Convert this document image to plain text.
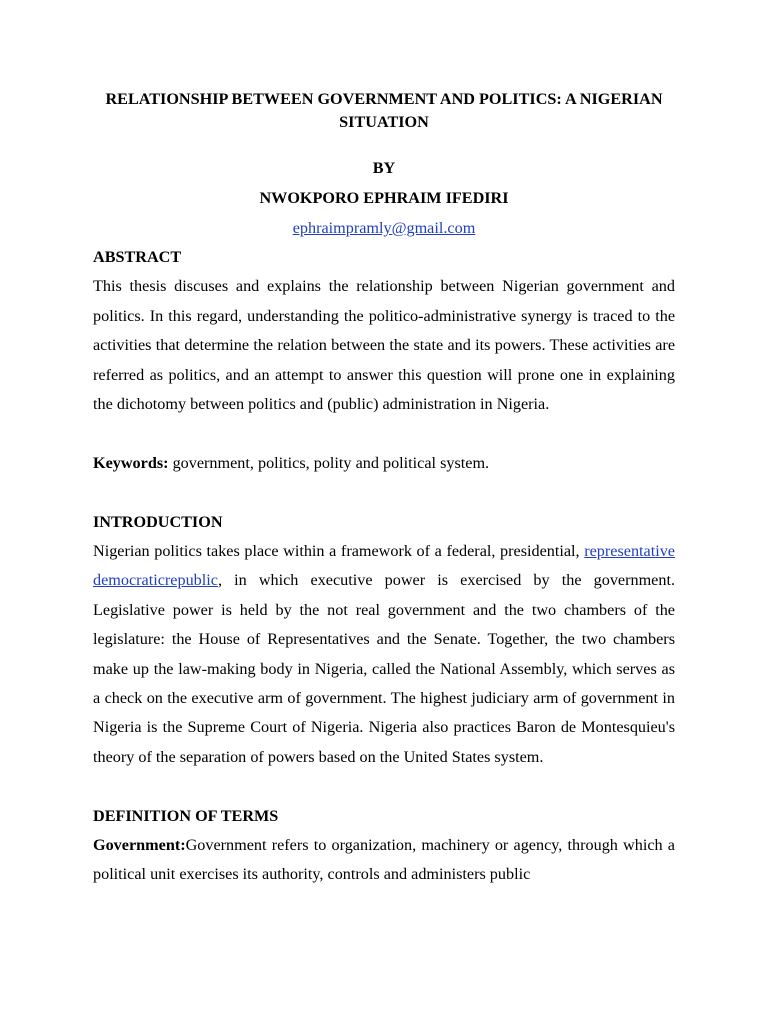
RELATIONSHIP BETWEEN GOVERNMENT AND POLITICS: A NIGERIAN SITUATION

BY

NWOKPORO EPHRAIM IFEDIRI

ephraimpramly@gmail.com

ABSTRACT

This thesis discuses and explains the relationship between Nigerian government and politics. In this regard, understanding the politico-administrative synergy is traced to the activities that determine the relation between the state and its powers. These activities are referred as politics, and an attempt to answer this question will prone one in explaining the dichotomy between politics and (public) administration in Nigeria.

Keywords: government, politics, polity and political system.

INTRODUCTION

Nigerian politics takes place within a framework of a federal, presidential, representative democraticrepublic, in which executive power is exercised by the government. Legislative power is held by the not real government and the two chambers of the legislature: the House of Representatives and the Senate. Together, the two chambers make up the law-making body in Nigeria, called the National Assembly, which serves as a check on the executive arm of government. The highest judiciary arm of government in Nigeria is the Supreme Court of Nigeria. Nigeria also practices Baron de Montesquieu's theory of the separation of powers based on the United States system.

DEFINITION OF TERMS

Government:Government refers to organization, machinery or agency, through which a political unit exercises its authority, controls and administers public
